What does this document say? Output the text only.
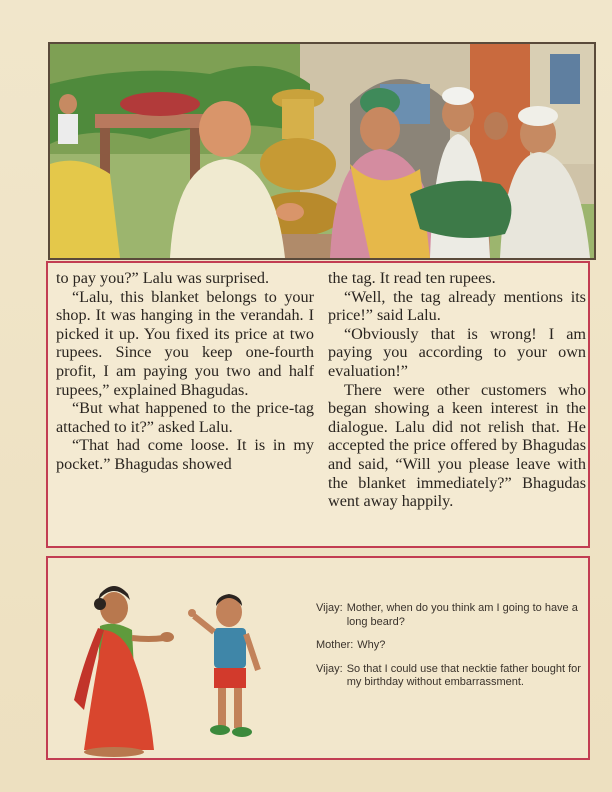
to pay you?” Lalu was surprised.

“Lalu, this blanket belongs to your shop. It was hanging in the verandah. I picked it up. You fixed its price at two rupees. Since you keep one-fourth profit, I am paying you two and half rupees,” explained Bhagudas.

“But what happened to the price-tag attached to it?” asked Lalu.

“That had come loose. It is in my pocket.” Bhagudas showed

the tag. It read ten rupees.

“Well, the tag already mentions its price!” said Lalu.

“Obviously that is wrong! I am paying you according to your own evaluation!”

There were other customers who began showing a keen interest in the dialogue. Lalu did not relish that. He accepted the price offered by Bhagudas and said, “Will you please leave with the blanket immediately?” Bhagudas went away happily.

Vijay: Mother, when do you think am I going to have a long beard?
Mother: Why?
Vijay: So that I could use that necktie father bought for my birthday without embarrassment.
